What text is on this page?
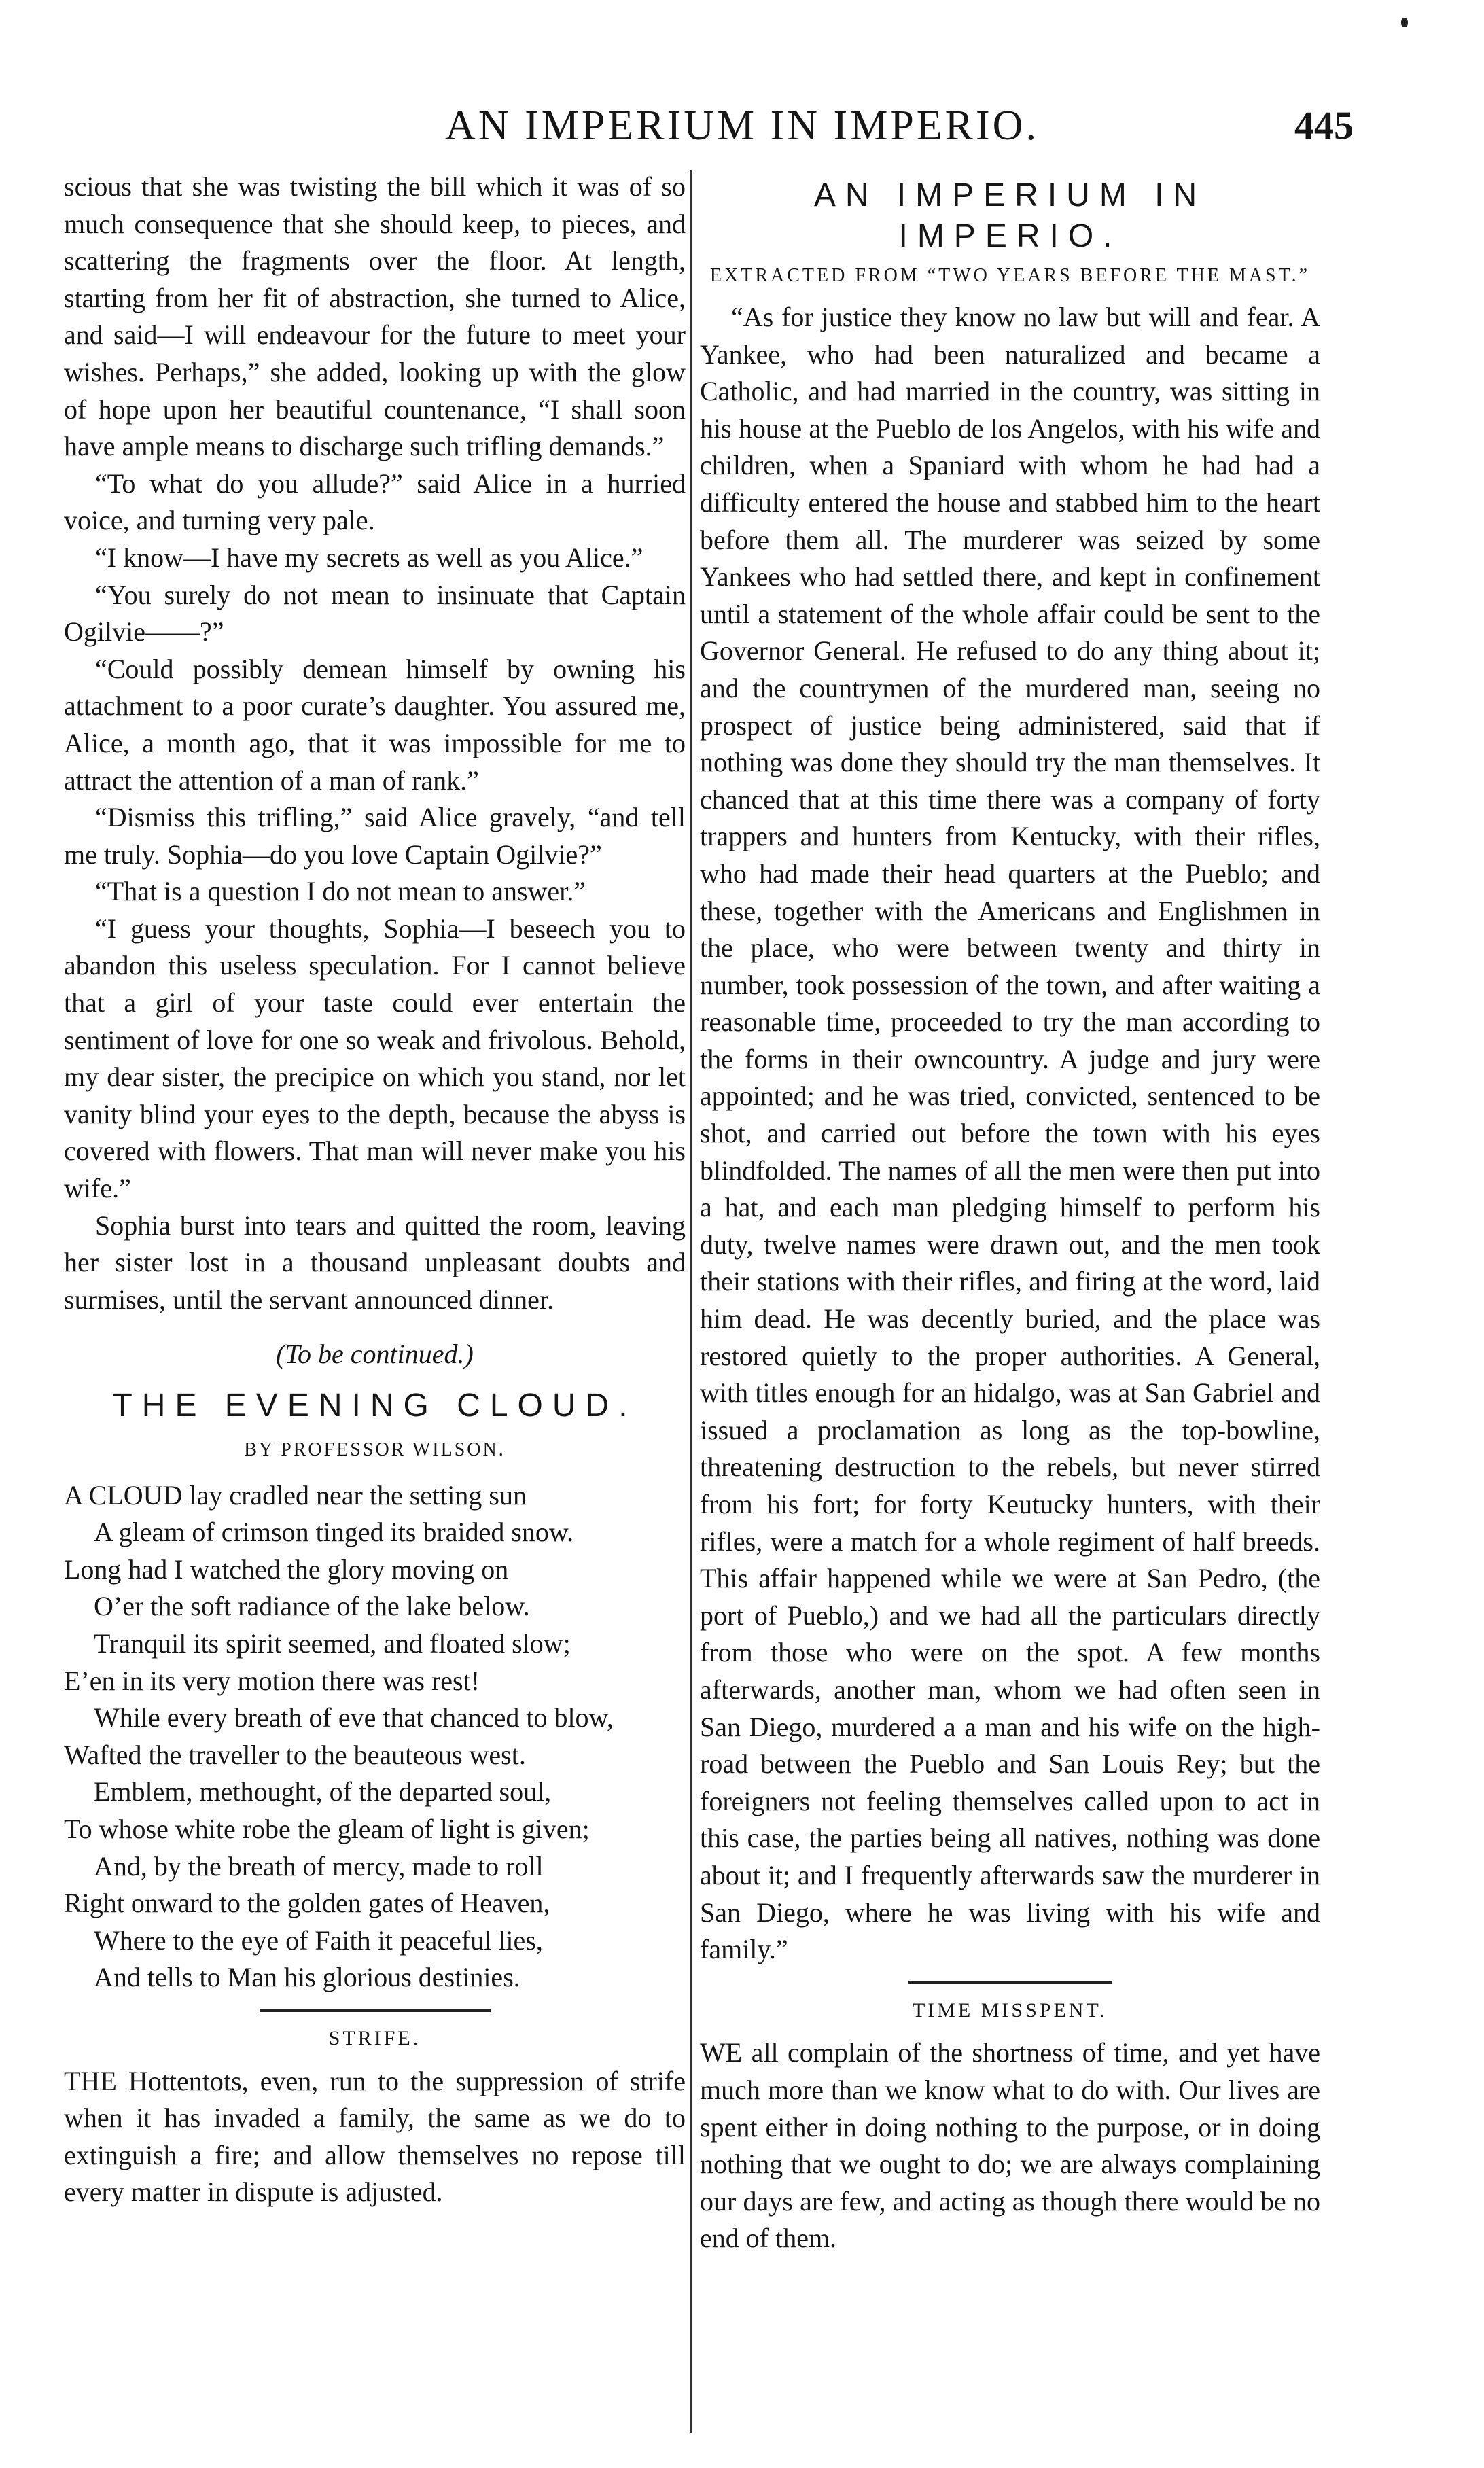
AN IMPERIUM IN IMPERIO.	445

scious that she was twisting the bill which it was of so much consequence that she should keep, to pieces, and scattering the fragments over the floor. At length, starting from her fit of abstraction, she turned to Alice, and said—I will endeavour for the future to meet your wishes. Perhaps,” she added, looking up with the glow of hope upon her beautiful countenance, “I shall soon have ample means to discharge such trifling demands.”

“To what do you allude?” said Alice in a hurried voice, and turning very pale.

“I know—I have my secrets as well as you Alice.”

“You surely do not mean to insinuate that Captain Ogilvie——?”

“Could possibly demean himself by owning his attachment to a poor curate’s daughter. You assured me, Alice, a month ago, that it was impossible for me to attract the attention of a man of rank.”

“Dismiss this trifling,” said Alice gravely, “and tell me truly. Sophia—do you love Captain Ogilvie?”

“That is a question I do not mean to answer.”

“I guess your thoughts, Sophia—I beseech you to abandon this useless speculation. For I cannot believe that a girl of your taste could ever entertain the sentiment of love for one so weak and frivolous. Behold, my dear sister, the precipice on which you stand, nor let vanity blind your eyes to the depth, because the abyss is covered with flowers. That man will never make you his wife.”

Sophia burst into tears and quitted the room, leaving her sister lost in a thousand unpleasant doubts and surmises, until the servant announced dinner.

(To be continued.)
THE EVENING CLOUD.
BY PROFESSOR WILSON.
A CLOUD lay cradled near the setting sun
A gleam of crimson tinged its braided snow.
Long had I watched the glory moving on
O’er the soft radiance of the lake below.
Tranquil its spirit seemed, and floated slow;
E’en in its very motion there was rest!
While every breath of eve that chanced to blow,
Wafted the traveller to the beauteous west.
Emblem, methought, of the departed soul,
To whose white robe the gleam of light is given;
And, by the breath of mercy, made to roll
Right onward to the golden gates of Heaven,
Where to the eye of Faith it peaceful lies,
And tells to Man his glorious destinies.
STRIFE.

THE Hottentots, even, run to the suppression of strife when it has invaded a family, the same as we do to extinguish a fire; and allow themselves no repose till every matter in dispute is adjusted.

AN IMPERIUM IN IMPERIO.
EXTRACTED FROM “TWO YEARS BEFORE THE MAST.”

“As for justice they know no law but will and fear. A Yankee, who had been naturalized and became a Catholic, and had married in the country, was sitting in his house at the Pueblo de los Angelos, with his wife and children, when a Spaniard with whom he had had a difficulty entered the house and stabbed him to the heart before them all. The murderer was seized by some Yankees who had settled there, and kept in confinement until a statement of the whole affair could be sent to the Governor General. He refused to do any thing about it; and the countrymen of the murdered man, seeing no prospect of justice being administered, said that if nothing was done they should try the man themselves. It chanced that at this time there was a company of forty trappers and hunters from Kentucky, with their rifles, who had made their head quarters at the Pueblo; and these, together with the Americans and Englishmen in the place, who were between twenty and thirty in number, took possession of the town, and after waiting a reasonable time, proceeded to try the man according to the forms in their owncountry. A judge and jury were appointed; and he was tried, convicted, sentenced to be shot, and carried out before the town with his eyes blindfolded. The names of all the men were then put into a hat, and each man pledging himself to perform his duty, twelve names were drawn out, and the men took their stations with their rifles, and firing at the word, laid him dead. He was decently buried, and the place was restored quietly to the proper authorities. A General, with titles enough for an hidalgo, was at San Gabriel and issued a proclamation as long as the top-bowline, threatening destruction to the rebels, but never stirred from his fort; for forty Keutucky hunters, with their rifles, were a match for a whole regiment of half breeds. This affair happened while we were at San Pedro, (the port of Pueblo,) and we had all the particulars directly from those who were on the spot. A few months afterwards, another man, whom we had often seen in San Diego, murdered a a man and his wife on the high-road between the Pueblo and San Louis Rey; but the foreigners not feeling themselves called upon to act in this case, the parties being all natives, nothing was done about it; and I frequently afterwards saw the murderer in San Diego, where he was living with his wife and family.”

TIME MISSPENT.

WE all complain of the shortness of time, and yet have much more than we know what to do with. Our lives are spent either in doing nothing to the purpose, or in doing nothing that we ought to do; we are always complaining our days are few, and acting as though there would be no end of them.
